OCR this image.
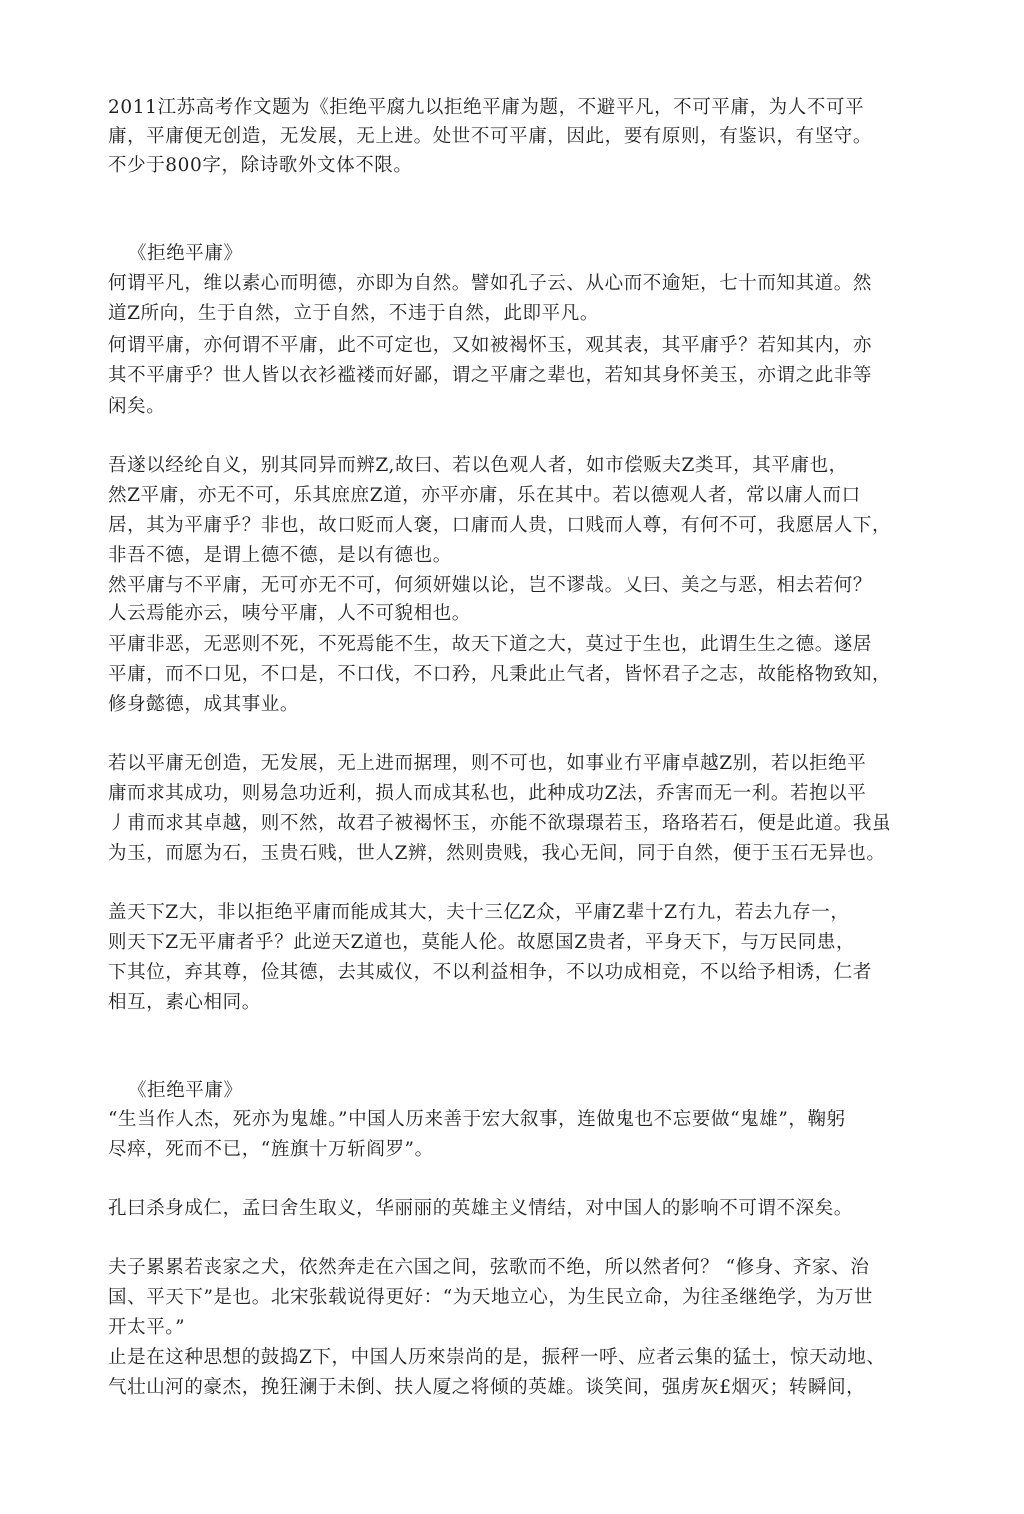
2011江苏高考作文题为《拒绝平腐九以拒绝平庸为题，不避平凡，不可平庸，为人不可平
庸，平庸便无创造，无发展，无上进。处世不可平庸，因此，要有原则，有鉴识，有坚守。
不少于800字，除诗歌外文体不限。
《拒绝平庸》
何谓平凡，维以素心而明德，亦即为自然。譬如孔子云、从心而不逾矩，七十而知其道。然
道Z所向，生于自然，立于自然，不违于自然，此即平凡。
何谓平庸，亦何谓不平庸，此不可定也，又如被褐怀玉，观其表，其平庸乎？若知其内，亦
其不平庸乎？世人皆以衣衫褴褛而好鄙，谓之平庸之辈也，若知其身怀美玉，亦谓之此非等
闲矣。
吾遂以经纶自义，别其同异而辨Z,故曰、若以色观人者，如市偿贩夫Z类耳，其平庸也，
然Z平庸，亦无不可，乐其庶庶Z道，亦平亦庸，乐在其中。若以德观人者，常以庸人而口
居，其为平庸乎？非也，故口贬而人褒，口庸而人贵，口贱而人尊，有何不可，我愿居人下，
非吾不德，是谓上德不德，是以有德也。
然平庸与不平庸，无可亦无不可，何须妍媸以论，岂不谬哉。乂曰、美之与恶，相去若何？
人云焉能亦云，咦兮平庸，人不可貌相也。
平庸非恶，无恶则不死，不死焉能不生，故天下道之大，莫过于生也，此谓生生之德。遂居
平庸，而不口见，不口是，不口伐，不口矜，凡秉此止气者，皆怀君子之志，故能格物致知，
修身懿德，成其事业。
若以平庸无创造，无发展，无上进而据理，则不可也，如事业冇平庸卓越Z别，若以拒绝平
庸而求其成功，则易急功近利，损人而成其私也，此种成功Z法，乔害而无一利。若抱以平
丿甫而求其卓越，则不然，故君子被褐怀玉，亦能不欲璟璟若玉，珞珞若石，便是此道。我虽
为玉，而愿为石，玉贵石贱，世人Z辨，然则贵贱，我心无间，同于自然，便于玉石无异也。
盖天下Z大，非以拒绝平庸而能成其大，夫十三亿Z众，平庸Z辈十Z冇九，若去九存一，
则天下Z无平庸者乎？此逆天Z道也，莫能人伦。故愿国Z贵者，平身天下，与万民同患，
下其位，弃其尊，俭其德，去其威仪，不以利益相争，不以功成相竞，不以给予相诱，仁者
相互，素心相同。
《拒绝平庸》
“生当作人杰，死亦为鬼雄。”中国人历来善于宏大叙事，连做鬼也不忘要做“鬼雄”，鞠躬
尽瘁，死而不已，“旌旗十万斩阎罗”。
孔曰杀身成仁，孟曰舍生取义，华丽丽的英雄主义情结，对中国人的影响不可谓不深矣。
夫子累累若丧家之犬，依然奔走在六国之间，弦歌而不绝，所以然者何？ “修身、齐家、治
国、平天下”是也。北宋张载说得更好：“为天地立心，为生民立命，为往圣继绝学，为万世
开太平。”
止是在这种思想的鼓捣Z下，中国人历來崇尚的是，振秤一呼、应者云集的猛士，惊天动地、
气壮山河的豪杰，挽狂澜于未倒、扶人厦之将倾的英雄。谈笑间，强虏灰£烟灭；转瞬间，
